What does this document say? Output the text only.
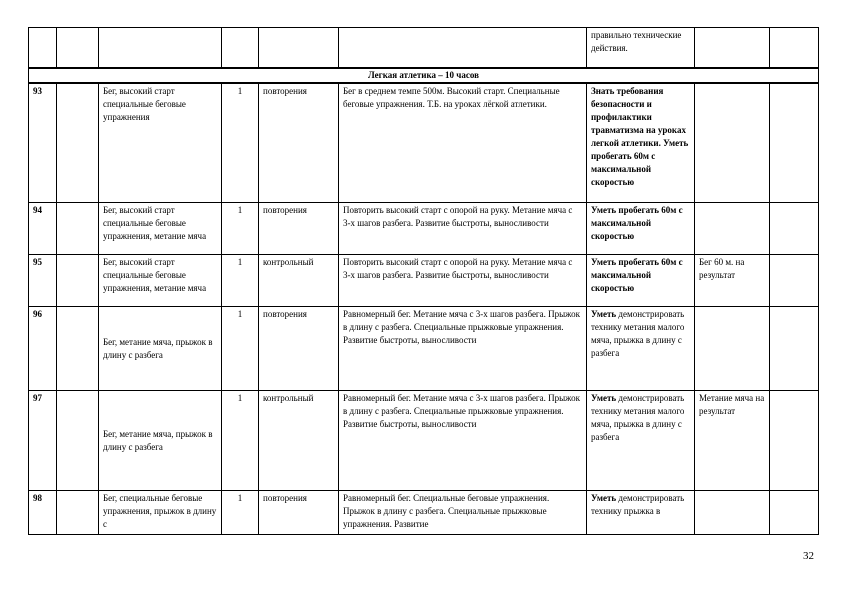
						правильно технические действия.		
Легкая атлетика – 10 часов								
93		Бег, высокий старт специальные беговые упражнения	1	повторения	Бег в среднем темпе 500м. Высокий старт. Специальные беговые упражнения. Т.Б. на уроках лёгкой атлетики.	Знать требования безопасности и профилактики травматизма на уроках легкой атлетики. Уметь пробегать 60м с максимальной скоростью		
94		Бег, высокий старт специальные беговые упражнения, метание мяча	1	повторения	Повторить высокий старт с опорой на руку. Метание мяча с 3-х шагов разбега. Развитие быстроты, выносливости	Уметь пробегать 60м с максимальной скоростью		
95		Бег, высокий старт специальные беговые упражнения, метание мяча	1	контрольный	Повторить высокий старт с опорой на руку. Метание мяча с 3-х шагов разбега. Развитие быстроты, выносливости	Уметь пробегать 60м с максимальной скоростью	Бег 60 м. на результат	
96		Бег, метание мяча, прыжок в длину с разбега	1	повторения	Равномерный бег. Метание мяча с 3-х шагов разбега. Прыжок в длину с разбега. Специальные прыжковые упражнения. Развитие быстроты, выносливости	Уметь демонстрировать технику метания малого мяча, прыжка в длину с разбега		
97		Бег, метание мяча, прыжок в длину с разбега	1	контрольный	Равномерный бег. Метание мяча с 3-х шагов разбега. Прыжок в длину с разбега. Специальные прыжковые упражнения. Развитие быстроты, выносливости	Уметь демонстрировать технику метания малого мяча, прыжка в длину с разбега	Метание мяча на результат	
98		Бег, специальные беговые упражнения, прыжок в длину с	1	повторения	Равномерный бег. Специальные беговые упражнения. Прыжок в длину с разбега. Специальные прыжковые упражнения. Развитие	Уметь демонстрировать технику прыжка в		
32
